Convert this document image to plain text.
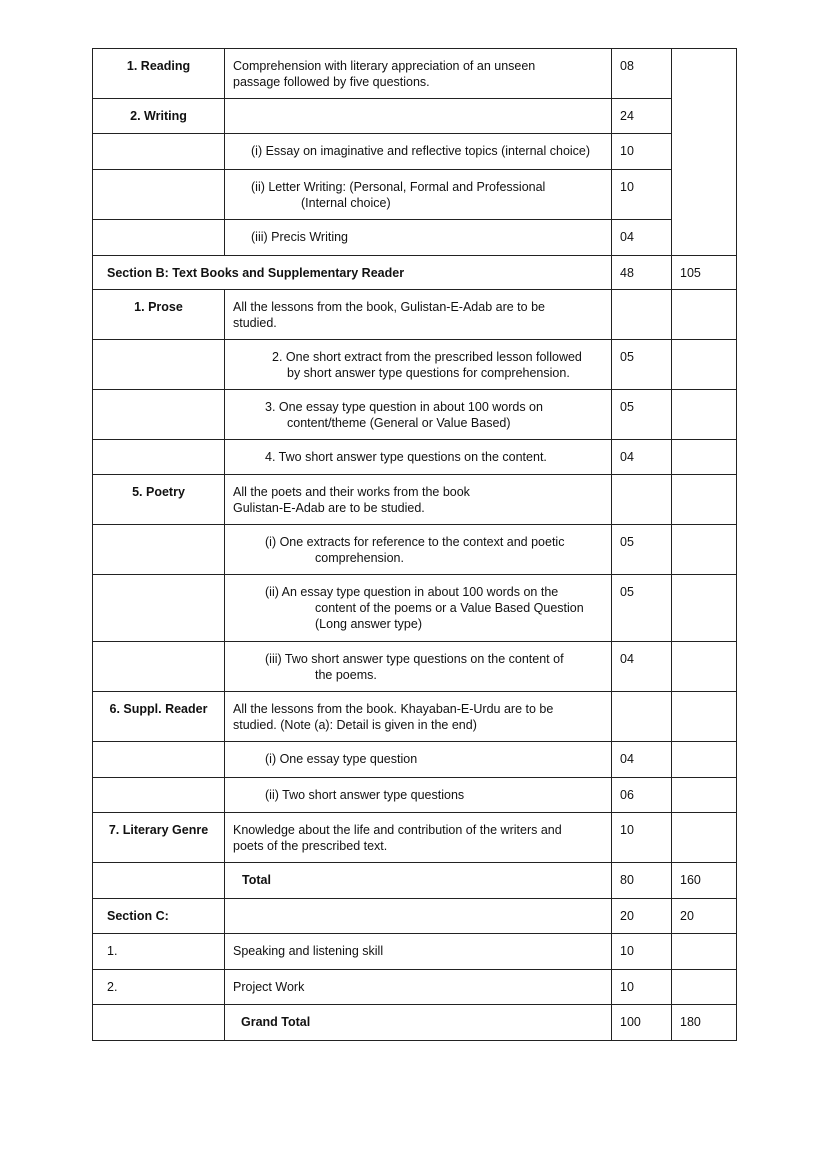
1. Reading	Comprehension with literary appreciation of an unseen
passage followed by five questions.	08	
2. Writing		24	
	(i) Essay on imaginative and reflective topics (internal choice)	10	

	(ii) Letter Writing: (Personal, Formal and Professional
(Internal choice)	10	
	(iii) Precis Writing	04	
Section B: Text Books and Supplementary Reader		48	105
1. Prose	All the lessons from the book, Gulistan-E-Adab are to be
studied.		

	2. One short extract from the prescribed lesson followed
by short answer type questions for comprehension.	05	

	3. One essay type question in about 100 words on
content/theme (General or Value Based)	05	
	4. Two short answer type questions on the content.	04	
5. Poetry	All the poets and their works from the book
Gulistan-E-Adab are to be studied.		

	(i) One extracts for reference to the context and poetic
comprehension.	05	

	(ii) An essay type question in about 100 words on the
content of the poems or a Value Based Question
(Long answer type)	05	

	(iii) Two short answer type questions on the content of
the poems.	04	
6. Suppl. Reader	All the lessons from the book. Khayaban-E-Urdu are to be
studied. (Note (a): Detail is given in the end)		

	(i) One essay type question	04	
	(ii) Two short answer type questions	06	
7. Literary Genre	Knowledge about the life and contribution of the writers and
poets of the prescribed text.	10	
	Total	80	160
Section C:		20	20
1.	Speaking and listening skill	10	
2.	Project Work	10	
	Grand Total	100	180
